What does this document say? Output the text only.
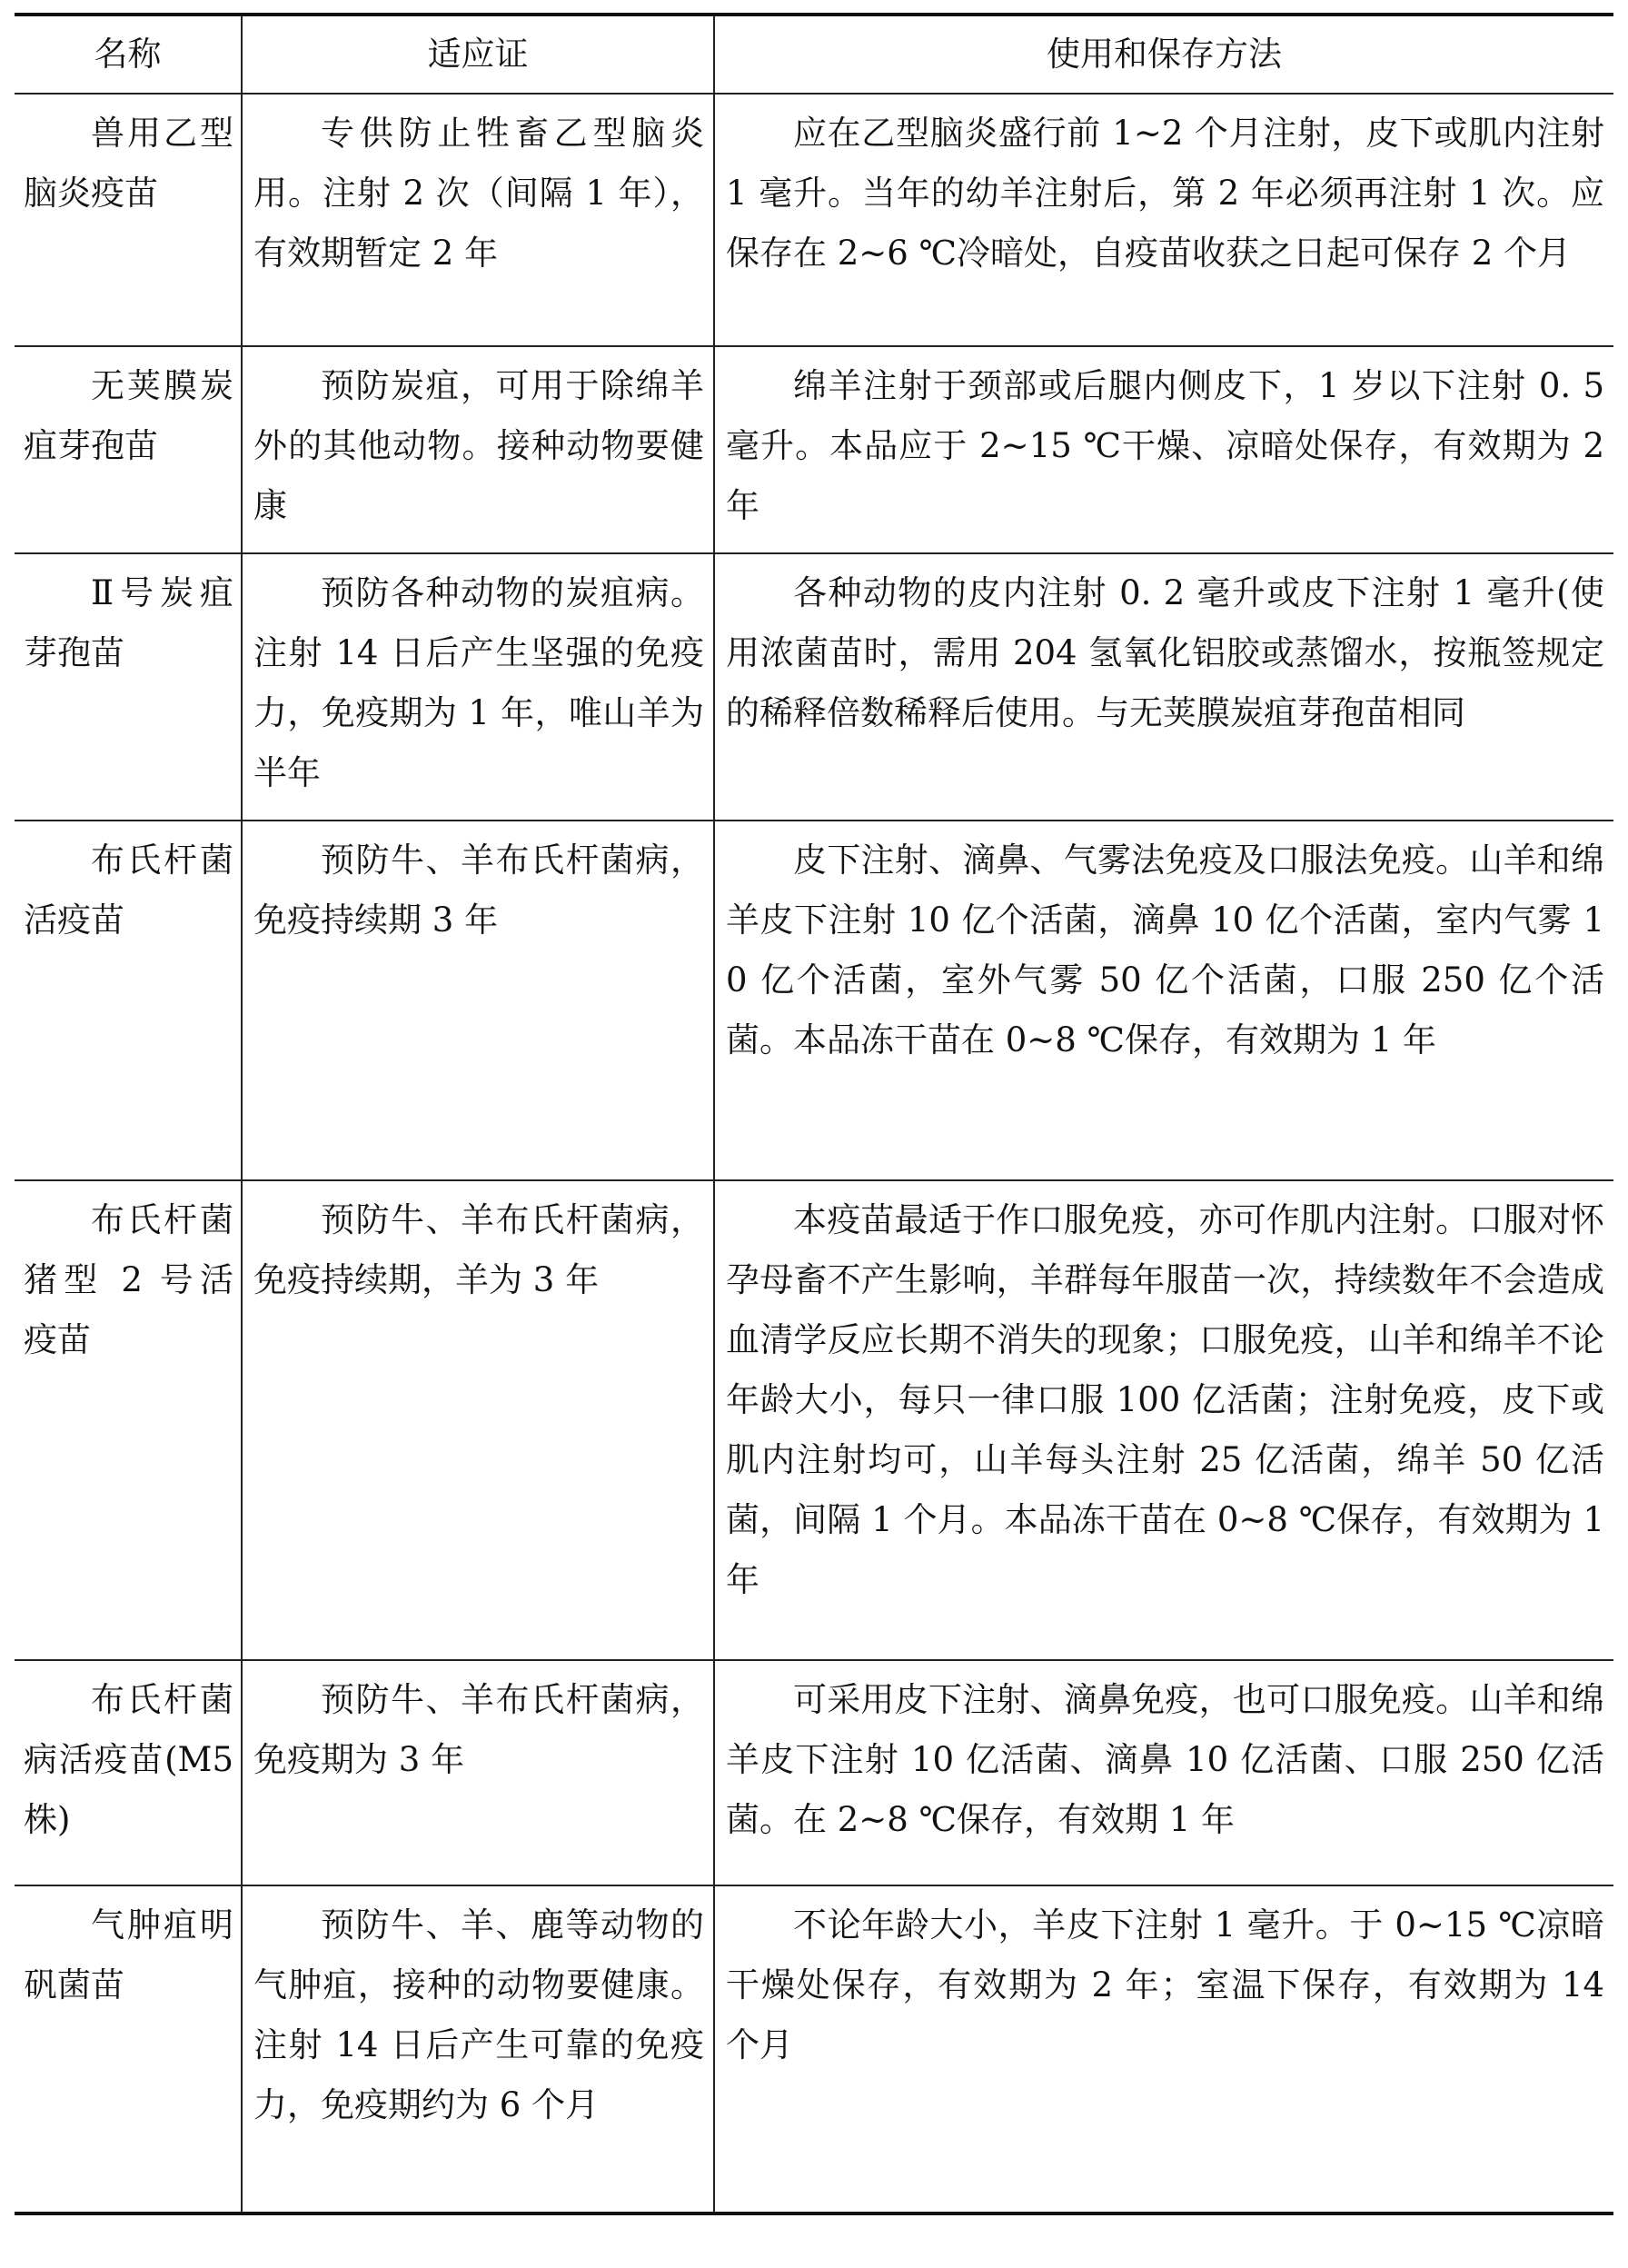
名称	适应证	使用和保存方法
兽用乙型脑炎疫苗	专供防止牲畜乙型脑炎用。注射 2 次（间隔 1 年），有效期暂定 2 年	应在乙型脑炎盛行前 1~2 个月注射，皮下或肌内注射 1 毫升。当年的幼羊注射后，第 2 年必须再注射 1 次。应保存在 2~6 ℃冷暗处，自疫苗收获之日起可保存 2 个月
无荚膜炭疽芽孢苗	预防炭疽，可用于除绵羊外的其他动物。接种动物要健康	绵羊注射于颈部或后腿内侧皮下，1 岁以下注射 0. 5 毫升。本品应于 2~15 ℃干燥、凉暗处保存，有效期为 2 年
Ⅱ号炭疽芽孢苗	预防各种动物的炭疽病。注射 14 日后产生坚强的免疫力，免疫期为 1 年，唯山羊为半年	各种动物的皮内注射 0. 2 毫升或皮下注射 1 毫升(使用浓菌苗时，需用 204 氢氧化铝胶或蒸馏水，按瓶签规定的稀释倍数稀释后使用。与无荚膜炭疽芽孢苗相同
布氏杆菌活疫苗	预防牛、羊布氏杆菌病，免疫持续期 3 年	皮下注射、滴鼻、气雾法免疫及口服法免疫。山羊和绵羊皮下注射 10 亿个活菌，滴鼻 10 亿个活菌，室内气雾 10 亿个活菌，室外气雾 50 亿个活菌，口服 250 亿个活菌。本品冻干苗在 0~8 ℃保存，有效期为 1 年
布氏杆菌猪型 2 号活疫苗	预防牛、羊布氏杆菌病，免疫持续期，羊为 3 年	本疫苗最适于作口服免疫，亦可作肌内注射。口服对怀孕母畜不产生影响，羊群每年服苗一次，持续数年不会造成血清学反应长期不消失的现象；口服免疫，山羊和绵羊不论年龄大小，每只一律口服 100 亿活菌；注射免疫，皮下或肌内注射均可，山羊每头注射 25 亿活菌，绵羊 50 亿活菌，间隔 1 个月。本品冻干苗在 0~8 ℃保存，有效期为 1 年
布氏杆菌病活疫苗(M5 株)	预防牛、羊布氏杆菌病，免疫期为 3 年	可采用皮下注射、滴鼻免疫，也可口服免疫。山羊和绵羊皮下注射 10 亿活菌、滴鼻 10 亿活菌、口服 250 亿活菌。在 2~8 ℃保存，有效期 1 年
气肿疽明矾菌苗	预防牛、羊、鹿等动物的气肿疽，接种的动物要健康。注射 14 日后产生可靠的免疫力，免疫期约为 6 个月	不论年龄大小，羊皮下注射 1 毫升。于 0~15 ℃凉暗干燥处保存，有效期为 2 年；室温下保存，有效期为 14 个月
